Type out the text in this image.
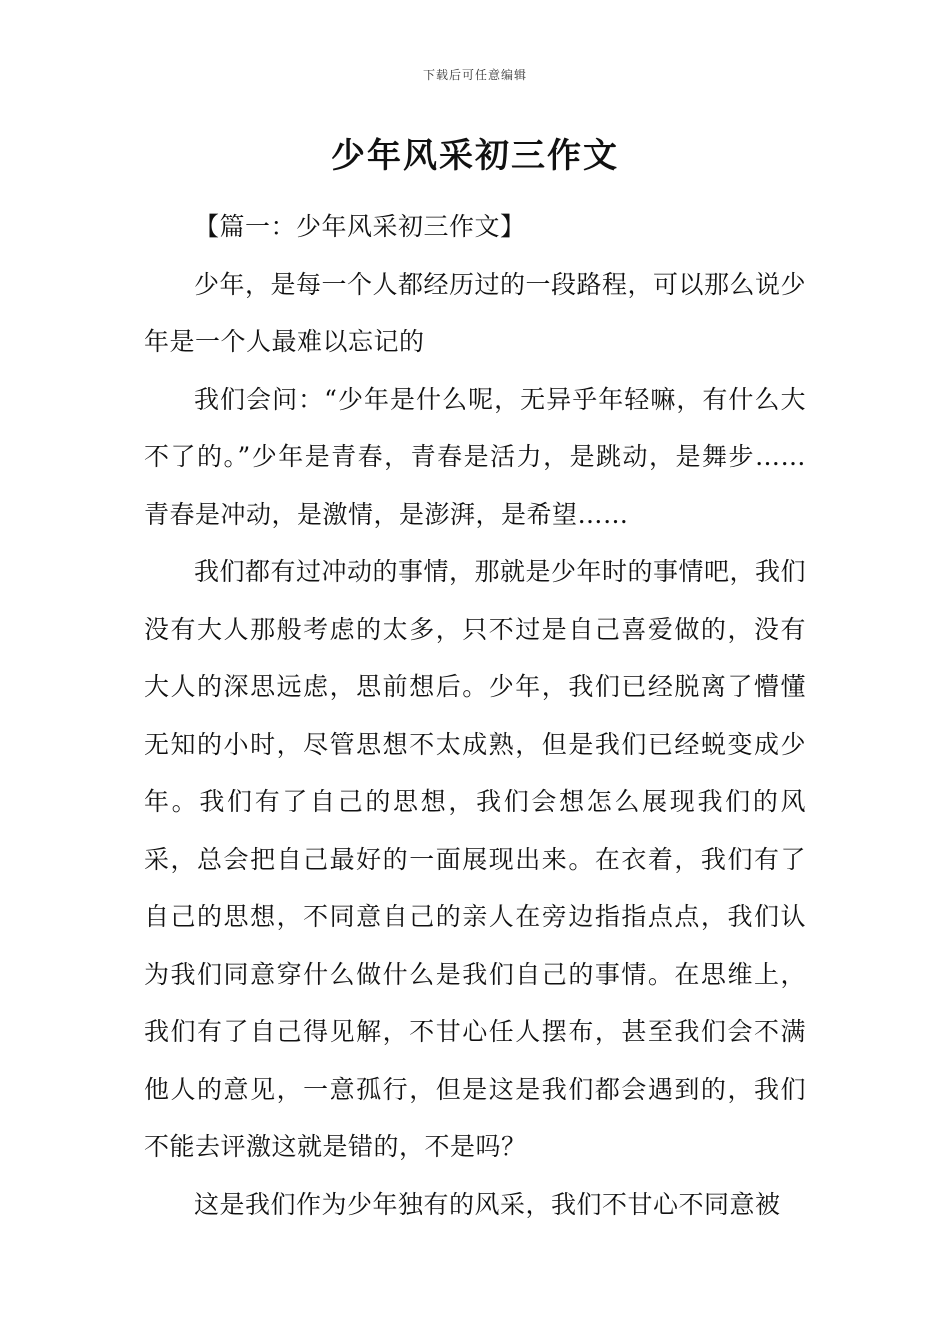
下载后可任意编辑
少年风采初三作文
【篇一：少年风采初三作文】

少年，是每一个人都经历过的一段路程，可以那么说少年是一个人最难以忘记的

我们会问：“少年是什么呢，无异乎年轻嘛，有什么大不了的。”少年是青春，青春是活力，是跳动，是舞步……青春是冲动，是激情，是澎湃，是希望……

我们都有过冲动的事情，那就是少年时的事情吧，我们没有大人那般考虑的太多，只不过是自己喜爱做的，没有大人的深思远虑，思前想后。少年，我们已经脱离了懵懂无知的小时，尽管思想不太成熟，但是我们已经蜕变成少年。我们有了自己的思想，我们会想怎么展现我们的风采，总会把自己最好的一面展现出来。在衣着，我们有了自己的思想，不同意自己的亲人在旁边指指点点，我们认为我们同意穿什么做什么是我们自己的事情。在思维上，我们有了自己得见解，不甘心任人摆布，甚至我们会不满他人的意见，一意孤行，但是这是我们都会遇到的，我们不能去评激这就是错的，不是吗？

这是我们作为少年独有的风采，我们不甘心不同意被
